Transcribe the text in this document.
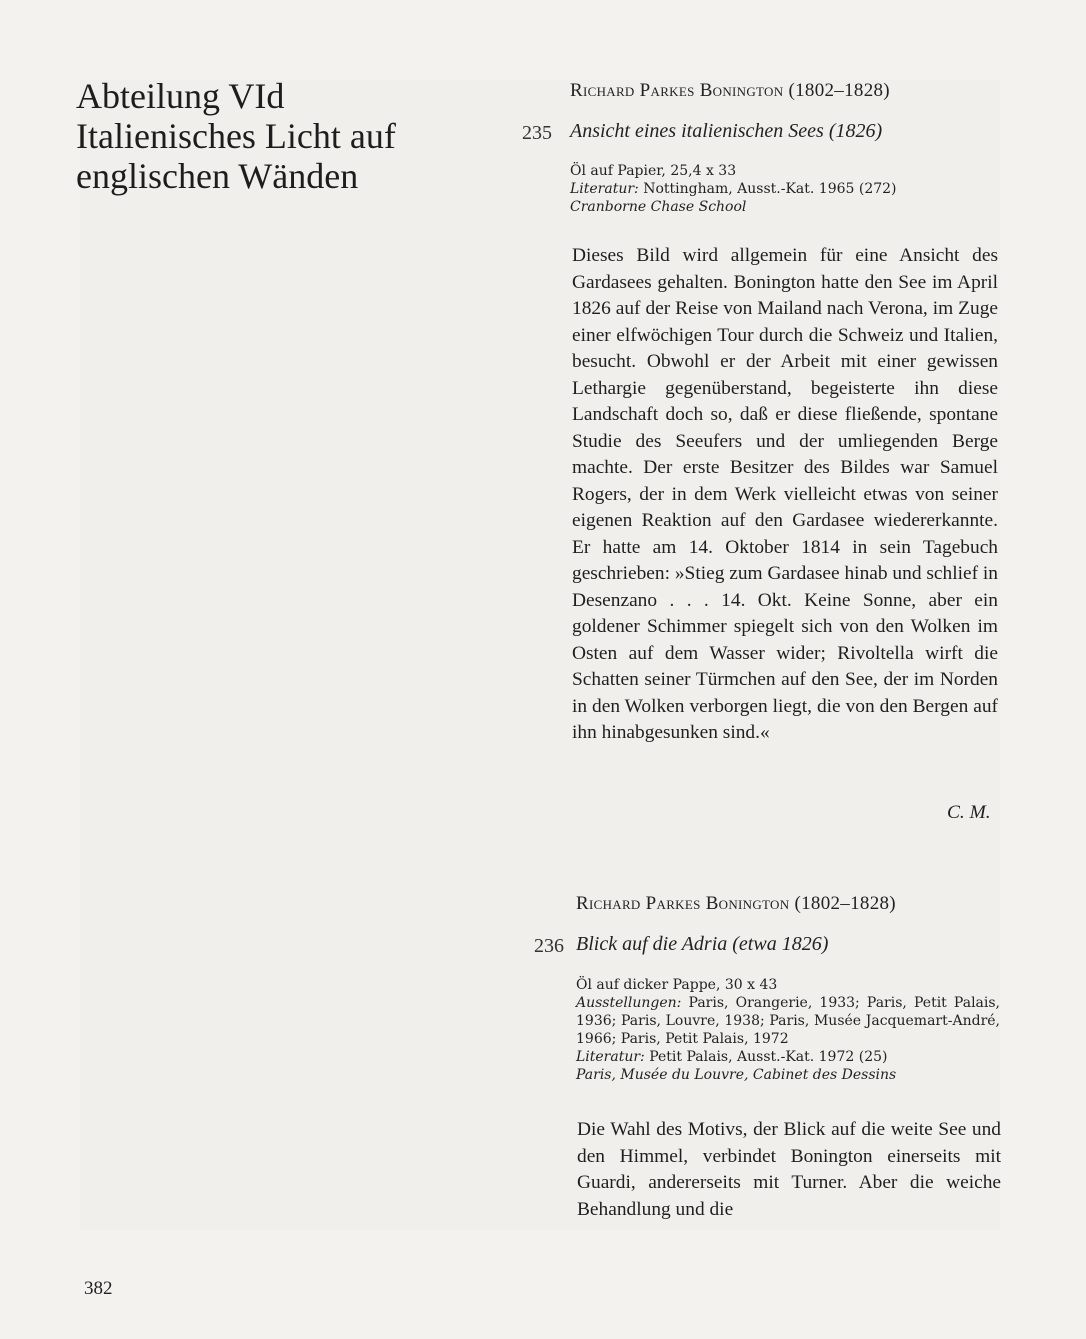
Abteilung VId
Italienisches Licht auf
englischen Wänden

Richard Parkes Bonington (1802–1828)

235 Ansicht eines italienischen Sees (1826)

Öl auf Papier, 25,4 x 33
Literatur: Nottingham, Ausst.-Kat. 1965 (272)
Cranborne Chase School

Dieses Bild wird allgemein für eine Ansicht des Gardasees gehalten. Bonington hatte den See im April 1826 auf der Reise von Mailand nach Verona, im Zuge einer elfwöchigen Tour durch die Schweiz und Italien, besucht. Obwohl er der Arbeit mit einer gewissen Lethargie gegenüberstand, begeisterte ihn diese Landschaft doch so, daß er diese fließende, spontane Studie des Seeufers und der umliegenden Berge machte. Der erste Besitzer des Bildes war Samuel Rogers, der in dem Werk vielleicht etwas von seiner eigenen Reaktion auf den Gardasee wiedererkannte. Er hatte am 14. Oktober 1814 in sein Tagebuch geschrieben: »Stieg zum Gardasee hinab und schlief in Desenzano . . . 14. Okt. Keine Sonne, aber ein goldener Schimmer spiegelt sich von den Wolken im Osten auf dem Wasser wider; Rivoltella wirft die Schatten seiner Türmchen auf den See, der im Norden in den Wolken verborgen liegt, die von den Bergen auf ihn hinabgesunken sind.«

C. M.

Richard Parkes Bonington (1802–1828)

236 Blick auf die Adria (etwa 1826)

Öl auf dicker Pappe, 30 x 43
Ausstellungen: Paris, Orangerie, 1933; Paris, Petit Palais, 1936; Paris, Louvre, 1938; Paris, Musée Jacquemart-André, 1966; Paris, Petit Palais, 1972
Literatur: Petit Palais, Ausst.-Kat. 1972 (25)
Paris, Musée du Louvre, Cabinet des Dessins

Die Wahl des Motivs, der Blick auf die weite See und den Himmel, verbindet Bonington einerseits mit Guardi, andererseits mit Turner. Aber die weiche Behandlung und die

382
